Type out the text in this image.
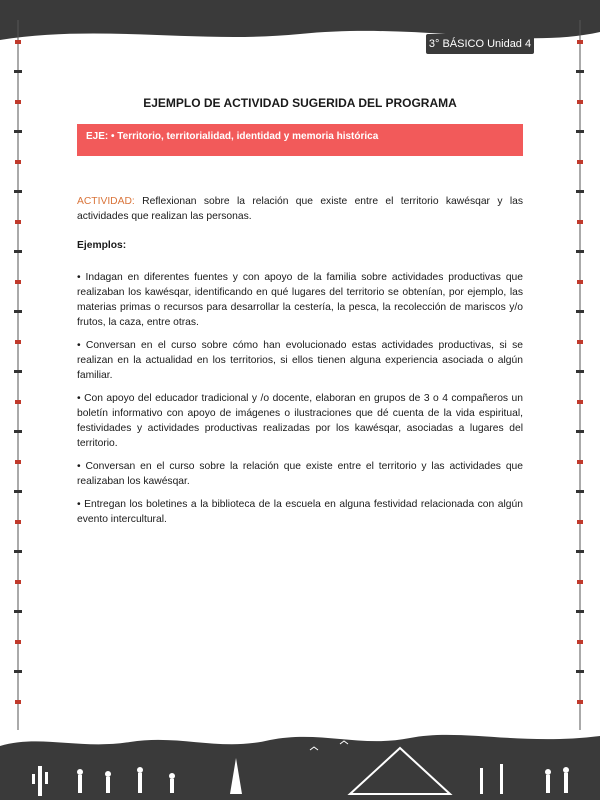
3° BÁSICO Unidad 4
EJEMPLO DE ACTIVIDAD SUGERIDA DEL PROGRAMA
EJE: • Territorio, territorialidad, identidad y memoria histórica

ACTIVIDAD: Reflexionan sobre la relación que existe entre el territorio kawésqar y las actividades que realizan las personas.

Ejemplos:

• Indagan en diferentes fuentes y con apoyo de la familia sobre actividades productivas que realizaban los kawésqar, identificando en qué lugares del territorio se obtenían, por ejemplo, las materias primas o recursos para desarrollar la cestería, la pesca, la recolección de mariscos y/o frutos, la caza, entre otras.

• Conversan en el curso sobre cómo han evolucionado estas actividades productivas, si se realizan en la actualidad en los territorios, si ellos tienen alguna experiencia asociada o algún familiar.

• Con apoyo del educador tradicional y /o docente, elaboran en grupos de 3 o 4 compañeros un boletín informativo con apoyo de imágenes o ilustraciones que dé cuenta de la vida espiritual, festividades y actividades productivas realizadas por los kawésqar, asociadas a lugares del territorio.

• Conversan en el curso sobre la relación que existe entre el territorio y las actividades que realizaban los kawésqar.

• Entregan los boletines a la biblioteca de la escuela en alguna festividad relacionada con algún evento intercultural.
